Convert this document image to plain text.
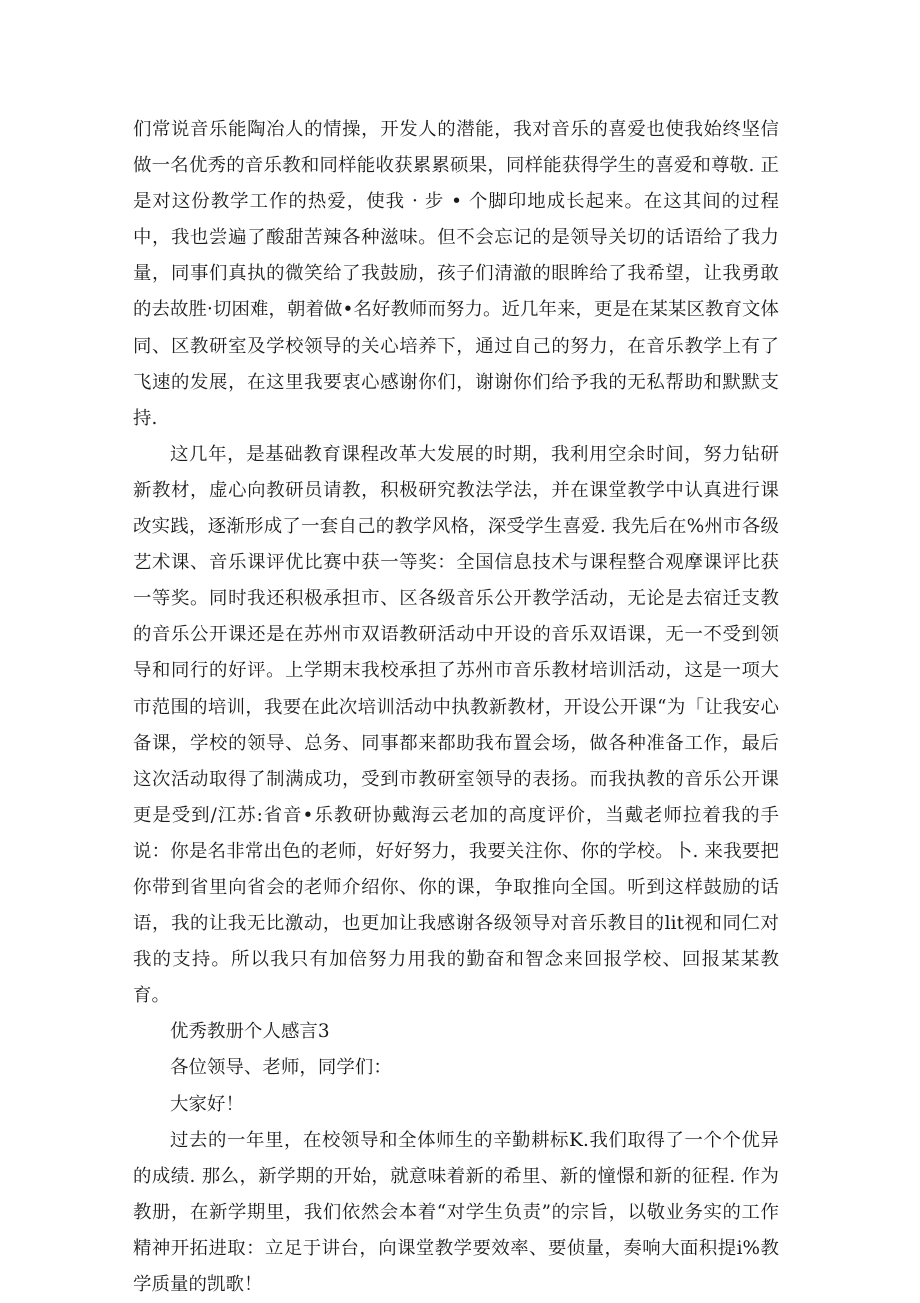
们常说音乐能陶冶人的情操，开发人的潜能，我对音乐的喜爱也使我始终坚信做一名优秀的音乐教和同样能收获累累硕果，同样能获得学生的喜爱和尊敬. 正是对这份教学工作的热爱，使我 · 步 • 个脚印地成长起来。在这其间的过程中，我也尝遍了酸甜苦辣各种滋味。但不会忘记的是领导关切的话语给了我力量，同事们真执的微笑给了我鼓励，孩子们清澈的眼眸给了我希望，让我勇敢的去故胜·切困难，朝着做•名好教师而努力。近几年来，更是在某某区教育文体同、区教研室及学校领导的关心培养下，通过自己的努力，在音乐教学上有了飞速的发展，在这里我要衷心感谢你们，谢谢你们给予我的无私帮助和默默支持.

这几年，是基础教育课程改革大发展的时期，我利用空余时间，努力钻研新教材，虚心向教研员请教，积极研究教法学法，并在课堂教学中认真进行课改实践，逐渐形成了一套自己的教学风格，深受学生喜爱. 我先后在%州市各级艺术课、音乐课评优比赛中获一等奖：全国信息技术与课程整合观摩课评比获一等奖。同时我还积极承担市、区各级音乐公开教学活动，无论是去宿迁支教的音乐公开课还是在苏州市双语教研活动中开设的音乐双语课，无一不受到领导和同行的好评。上学期末我校承担了苏州市音乐教材培训活动，这是一项大市范围的培训，我要在此次培训活动中执教新教材，开设公开课“为「让我安心备课，学校的领导、总务、同事都来都助我布置会场，做各种准备工作，最后这次活动取得了制满成功，受到市教研室领导的表扬。而我执教的音乐公开课更是受到/江苏:省音•乐教研协戴海云老加的高度评价，当戴老师拉着我的手说：你是名非常出色的老师，好好努力，我要关注你、你的学校。卜. 来我要把你带到省里向省会的老师介绍你、你的课，争取推向全国。听到这样鼓励的话语，我的让我无比激动，也更加让我感谢各级领导对音乐教目的lit视和同仁对我的支持。所以我只有加倍努力用我的勤奋和智念来回报学校、回报某某教育。

优秀教册个人感言3

各位领导、老师，同学们：

大家好！

过去的一年里，在校领导和全体师生的辛勤耕标K.我们取得了一个个优异的成绩. 那么，新学期的开始，就意味着新的希里、新的憧憬和新的征程. 作为教册，在新学期里，我们依然会本着“对学生负责”的宗旨，以敬业务实的工作精神开拓进取：立足于讲台，向课堂教学要效率、要侦量，奏响大面积提i%教学质量的凯歌！
